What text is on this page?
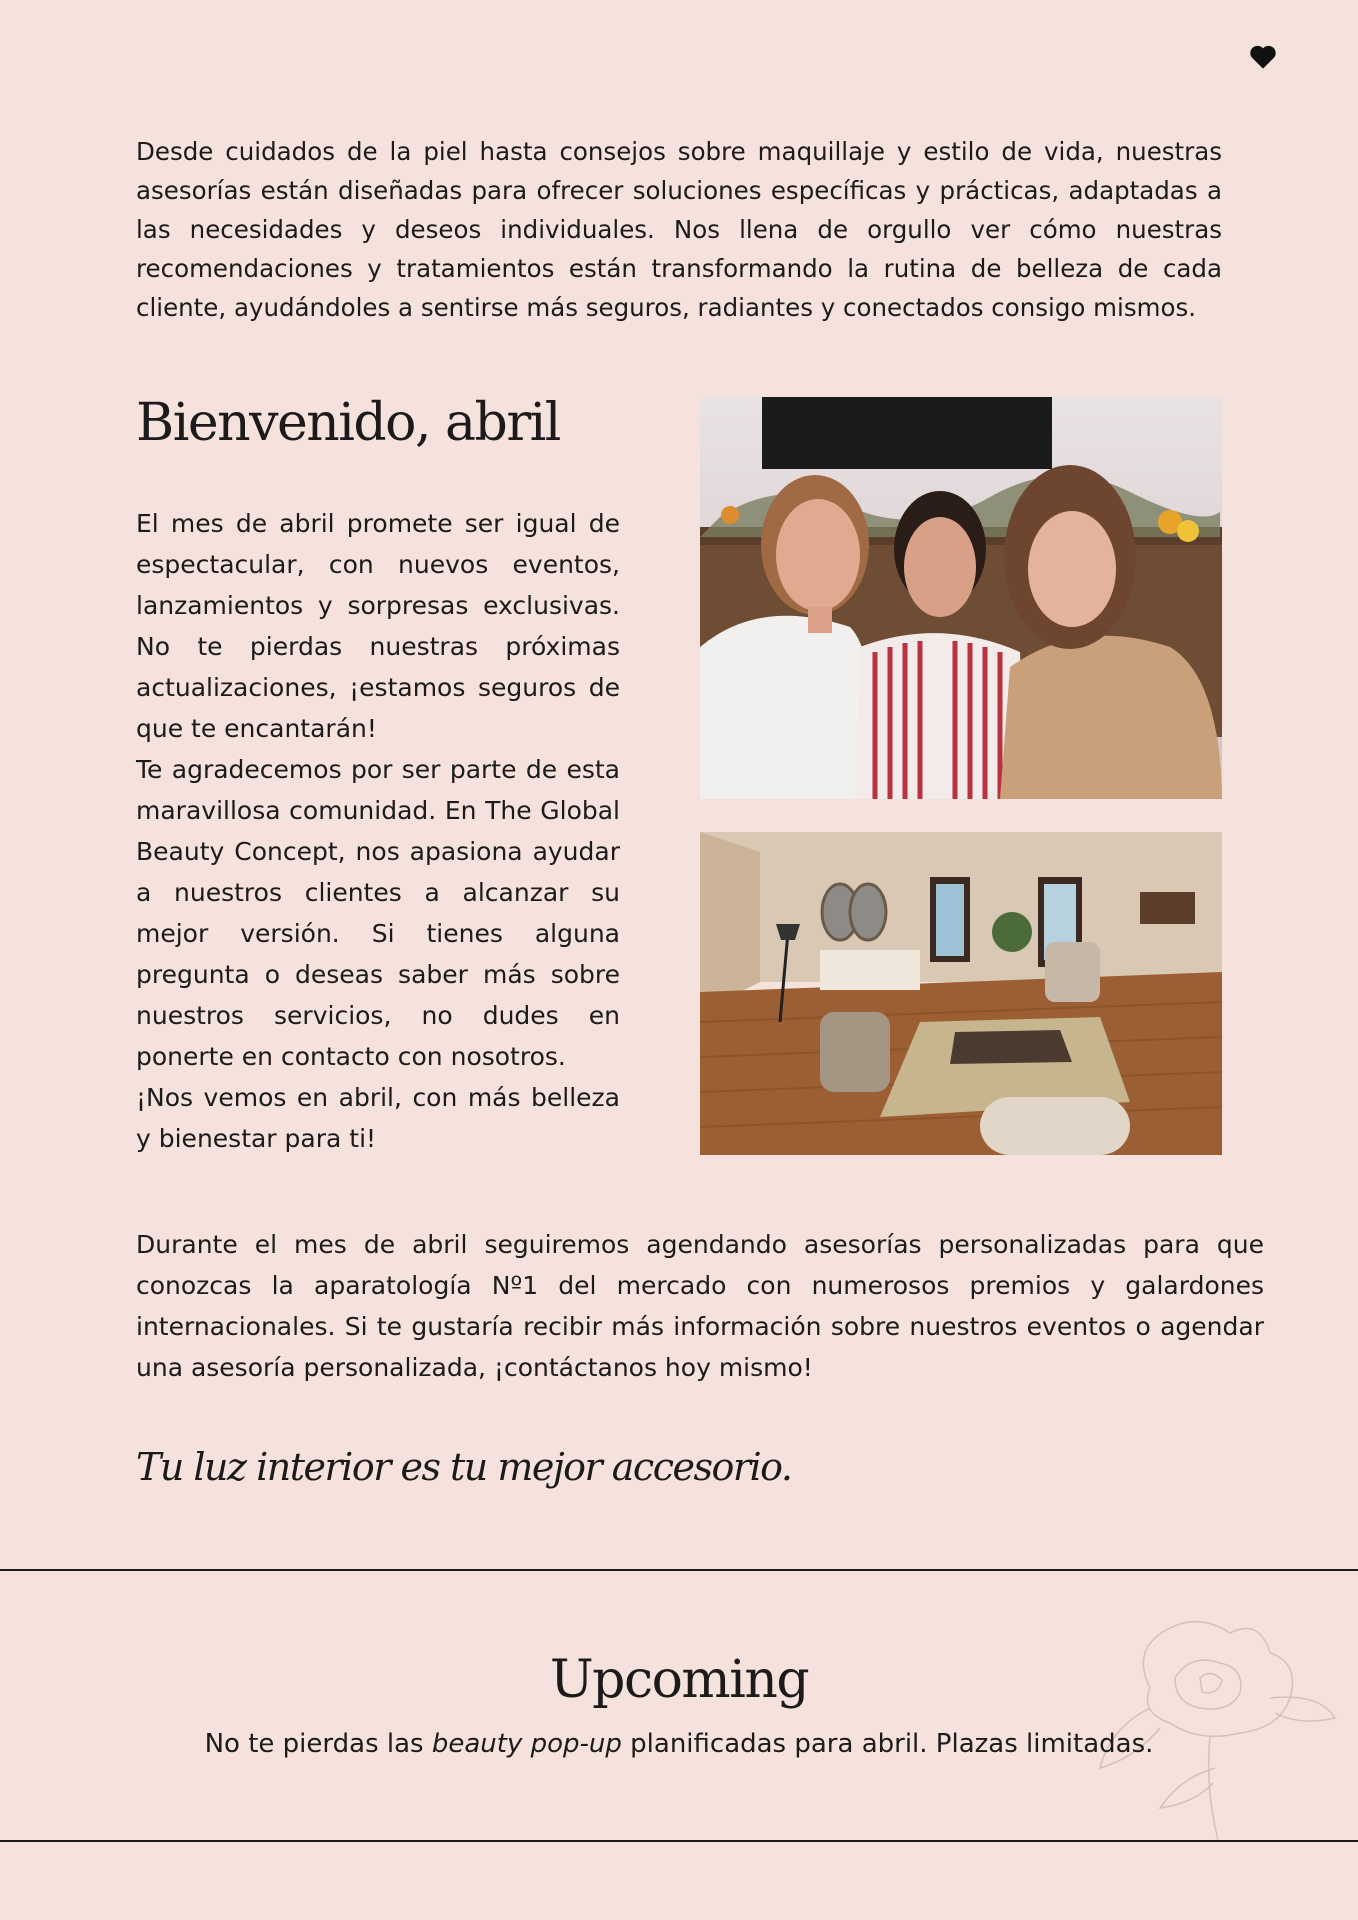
Desde cuidados de la piel hasta consejos sobre maquillaje y estilo de vida, nuestras asesorías están diseñadas para ofrecer soluciones específicas y prácticas, adaptadas a las necesidades y deseos individuales. Nos llena de orgullo ver cómo nuestras recomendaciones y tratamientos están transformando la rutina de belleza de cada cliente, ayudándoles a sentirse más seguros, radiantes y conectados consigo mismos.

Bienvenido, abril

El mes de abril promete ser igual de espectacular, con nuevos eventos, lanzamientos y sorpresas exclusivas. No te pierdas nuestras próximas actualizaciones, ¡estamos seguros de que te encantarán!

Te agradecemos por ser parte de esta maravillosa comunidad. En The Global Beauty Concept, nos apasiona ayudar a nuestros clientes a alcanzar su mejor versión. Si tienes alguna pregunta o deseas saber más sobre nuestros servicios, no dudes en ponerte en contacto con nosotros.

¡Nos vemos en abril, con más belleza y bienestar para ti!

Durante el mes de abril seguiremos agendando asesorías personalizadas para que conozcas la aparatología Nº1 del mercado con numerosos premios y galardones internacionales. Si te gustaría recibir más información sobre nuestros eventos o agendar una asesoría personalizada, ¡contáctanos hoy mismo!

Tu luz interior es tu mejor accesorio.

Upcoming

No te pierdas las beauty pop-up planificadas para abril. Plazas limitadas.
